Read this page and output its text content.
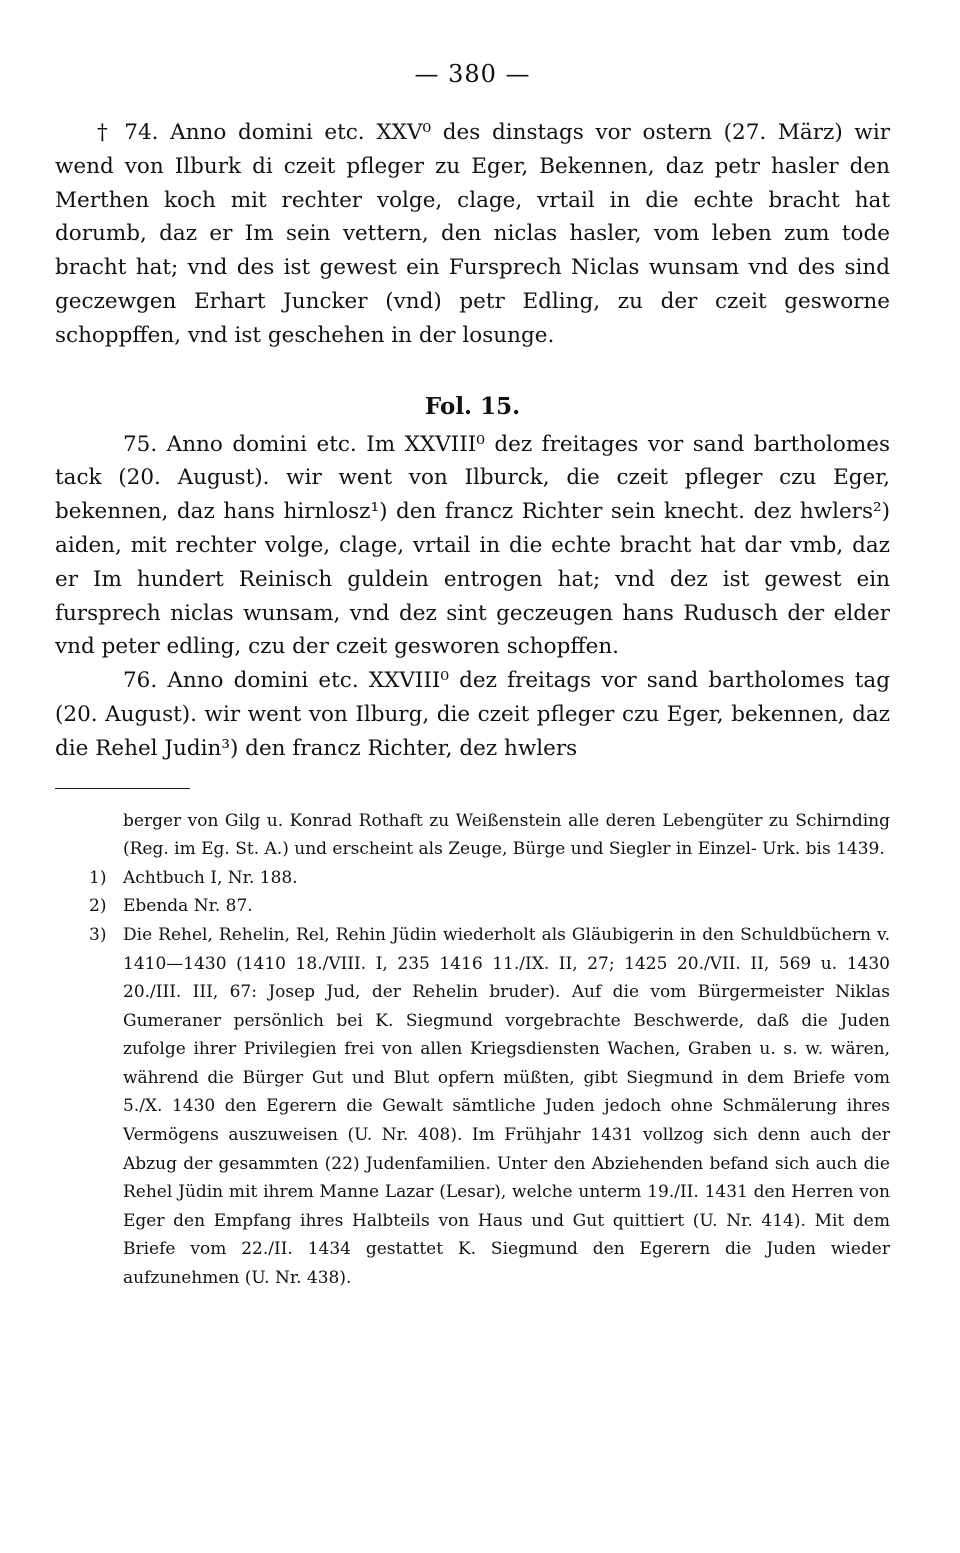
— 380 —

† 74. Anno domini etc. XXV⁰ des dinstags vor ostern (27. März) wir wend von Ilburk di czeit pfleger zu Eger, Bekennen, daz petr hasler den Merthen koch mit rechter volge, clage, vrtail in die echte bracht hat dorumb, daz er Im sein vettern, den niclas hasler, vom leben zum tode bracht hat; vnd des ist gewest ein Fursprech Niclas wunsam vnd des sind geczewgen Erhart Juncker (vnd) petr Edling, zu der czeit geswornе schoppffen, vnd ist geschehen in der losunge.

Fol. 15.

75. Anno domini etc. Im XXVIII⁰ dez freitages vor sand bartholomes tack (20. August). wir went von Ilburck, die czeit pfleger czu Eger, bekennen, daz hans hirnlosz¹) den francz Richter sein knecht. dez hwlers²) aiden, mit rechter volge, clage, vrtail in die echte bracht hat dar vmb, daz er Im hundert Reinisch guldein entrogen hat; vnd dez ist gewest ein fursprech niclas wunsam, vnd dez sint geczeugen hans Rudusch der elder vnd peter edling, czu der czeit gesworen schopffen.

76. Anno domini etc. XXVIII⁰ dez freitags vor sand bartholomes tag (20. August). wir went von Ilburg, die czeit pfleger czu Eger, bekennen, daz die Rehel Judin³) den francz Richter, dez hwlers

berger von Gilg u. Konrad Rothaft zu Weißenstein alle deren Lebengüter zu Schirnding (Reg. im Eg. St. A.) und erscheint als Zeuge, Bürge und Siegler in Einzel- Urk. bis 1439.
1) Achtbuch I, Nr. 188.
2) Ebenda Nr. 87.
3) Die Rehel, Rehelin, Rel, Rehin Jüdin wiederholt als Gläubigerin in den Schuldbüchern v. 1410—1430 (1410 18./VIII. I, 235 1416 11./IX. II, 27; 1425 20./VII. II, 569 u. 1430 20./III. III, 67: Josep Jud, der Rehelin bruder). Auf die vom Bürgermeister Niklas Gumeraner persönlich bei K. Siegmund vorgebrachte Beschwerde, daß die Juden zufolge ihrer Privilegien frei von allen Kriegsdiensten Wachen, Graben u. s. w. wären, während die Bürger Gut und Blut opfern müßten, gibt Siegmund in dem Briefe vom 5./X. 1430 den Egerern die Gewalt sämtliche Juden jedoch ohne Schmälerung ihres Vermögens auszuweisen (U. Nr. 408). Im Frühjahr 1431 vollzog sich denn auch der Abzug der gesammten (22) Judenfamilien. Unter den Abziehenden befand sich auch die Rehel Jüdin mit ihrem Manne Lazar (Lesar), welche unterm 19./II. 1431 den Herren von Eger den Empfang ihres Halbteils von Haus und Gut quittiert (U. Nr. 414). Mit dem Briefe vom 22./II. 1434 gestattet K. Siegmund den Egerern die Juden wieder aufzunehmen (U. Nr. 438).
